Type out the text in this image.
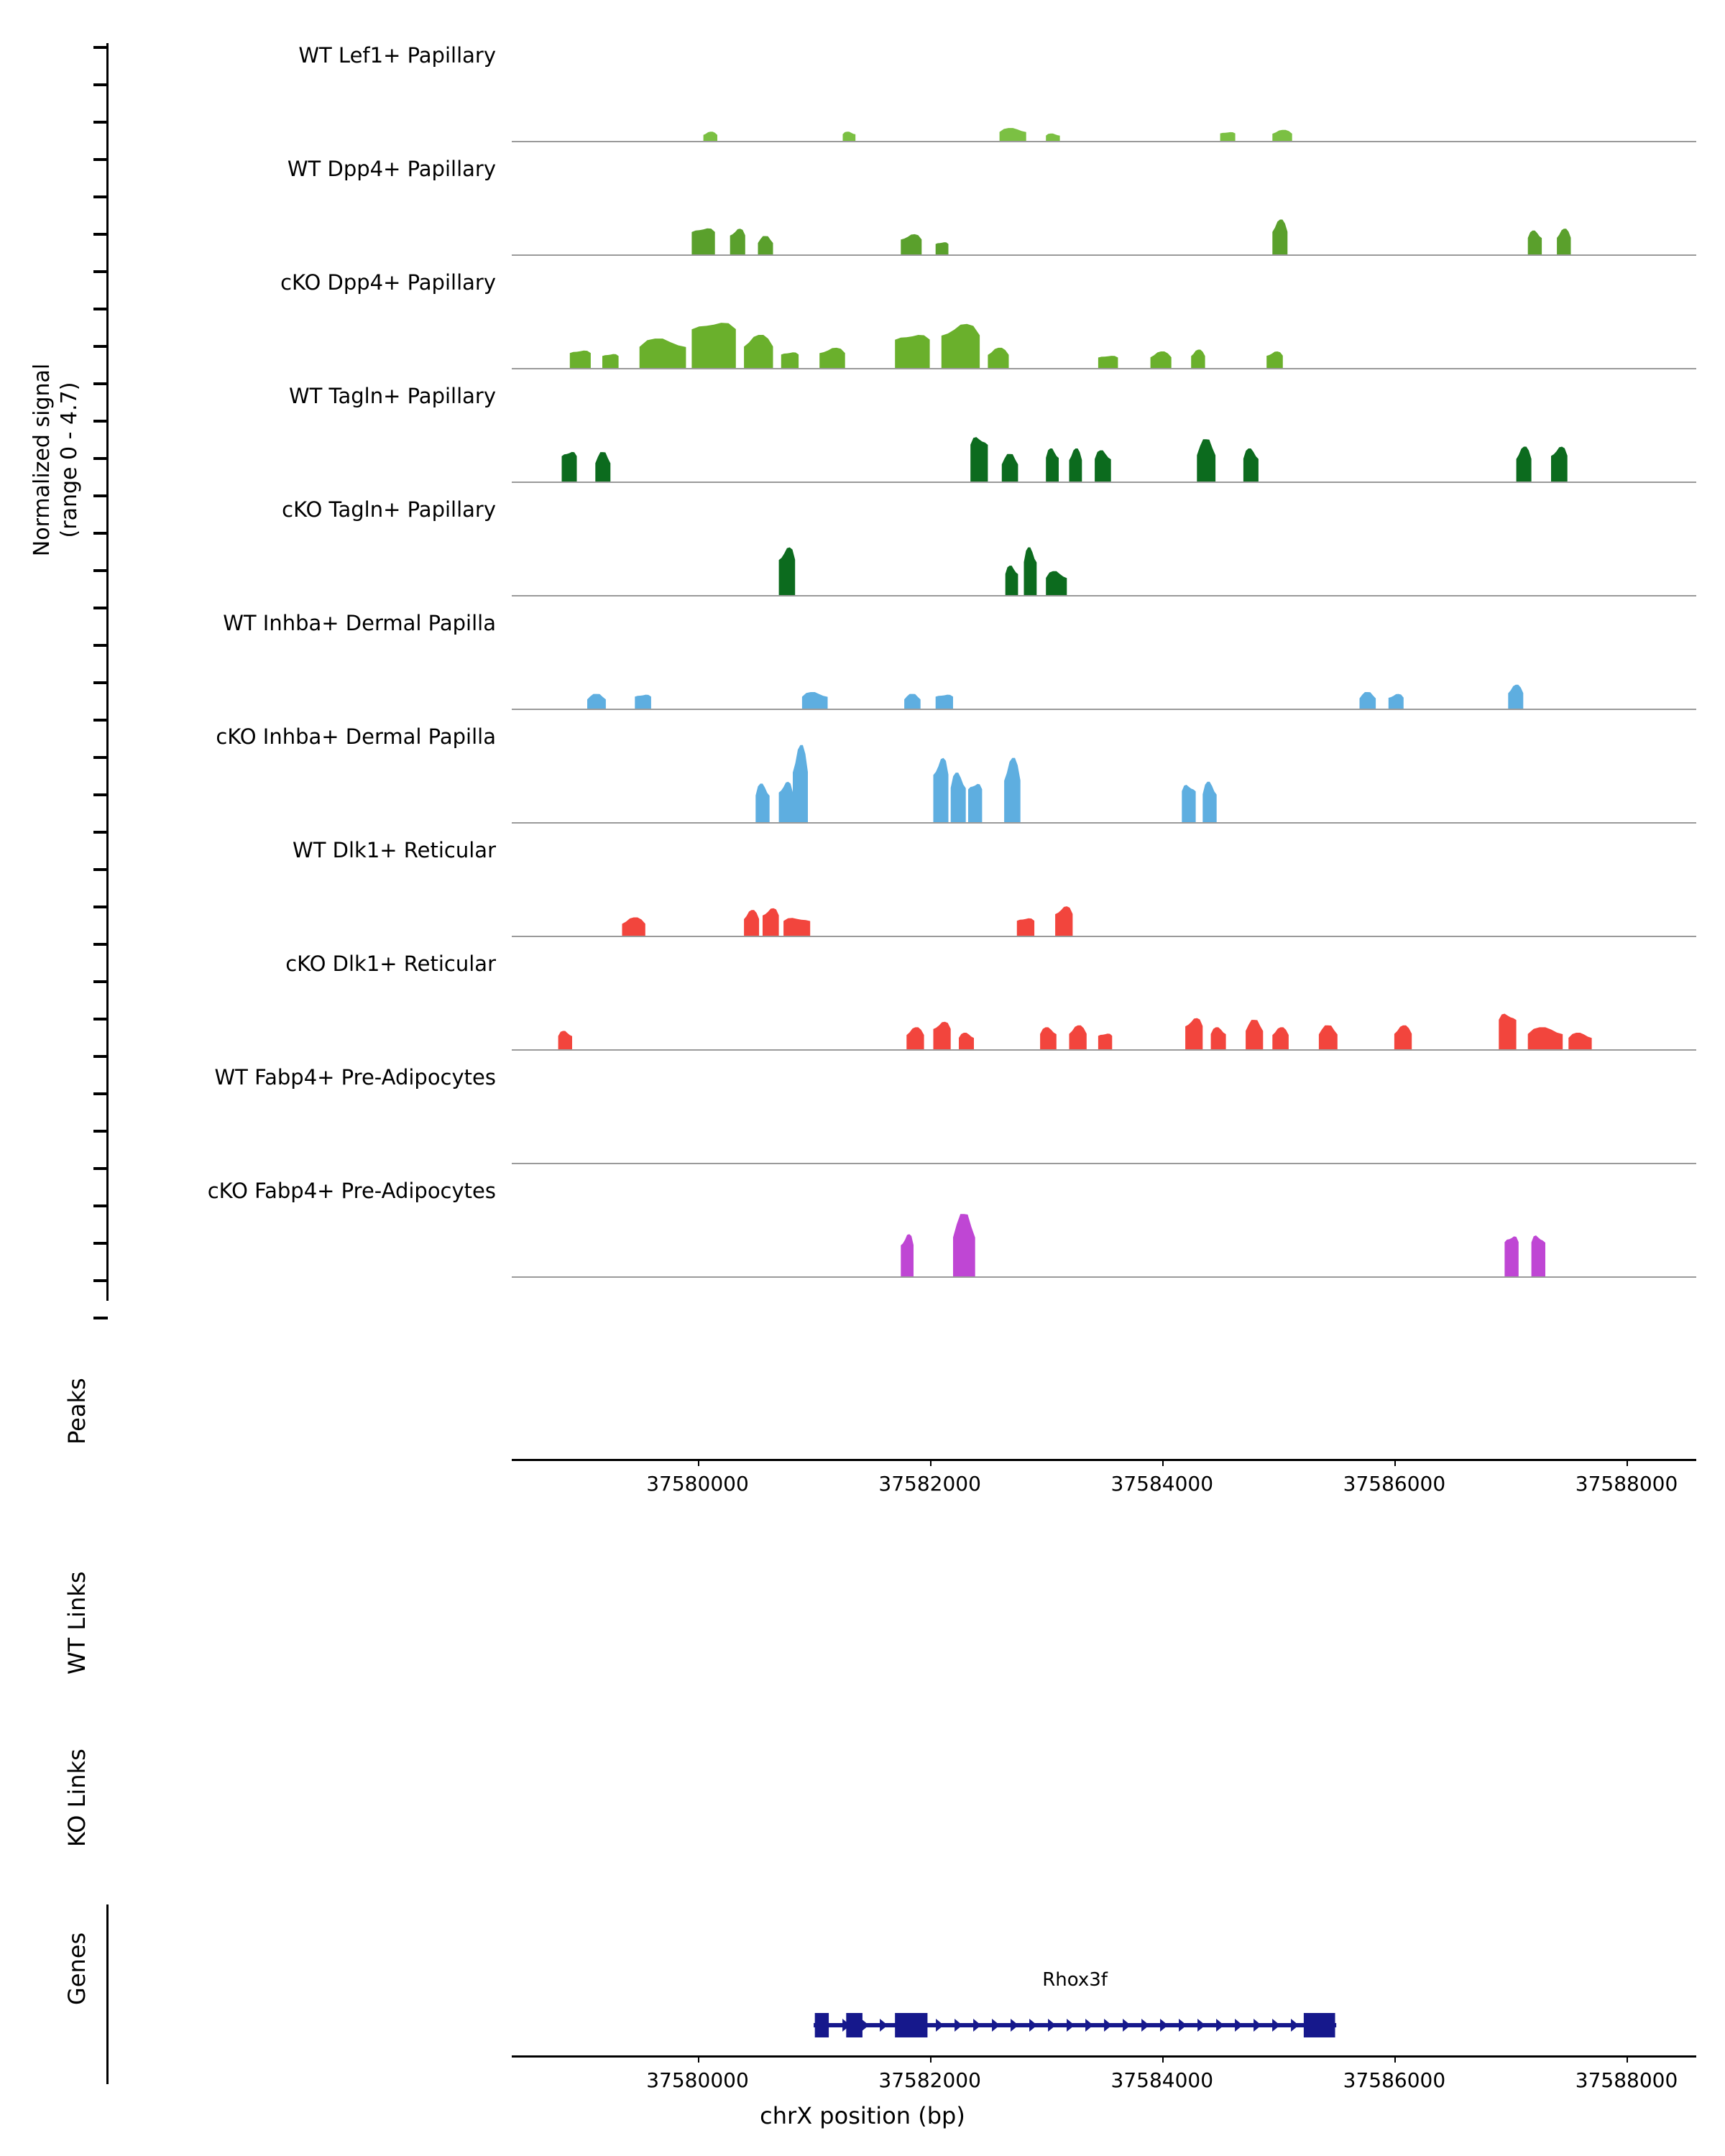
Normalized signal
(range 0 - 4.7)
WT Lef1+ Papillary
WT Dpp4+ Papillary
cKO Dpp4+ Papillary
WT Tagln+ Papillary
cKO Tagln+ Papillary
WT Inhba+ Dermal Papilla
cKO Inhba+ Dermal Papilla
WT Dlk1+ Reticular
cKO Dlk1+ Reticular
WT Fabp4+ Pre-Adipocytes
cKO Fabp4+ Pre-Adipocytes
37580000	37582000	37584000	37586000	37588000
Peaks
WT Links
KO Links
Genes	Rhox3f
37580000	37582000	37584000	37586000	37588000
chrX position (bp)
